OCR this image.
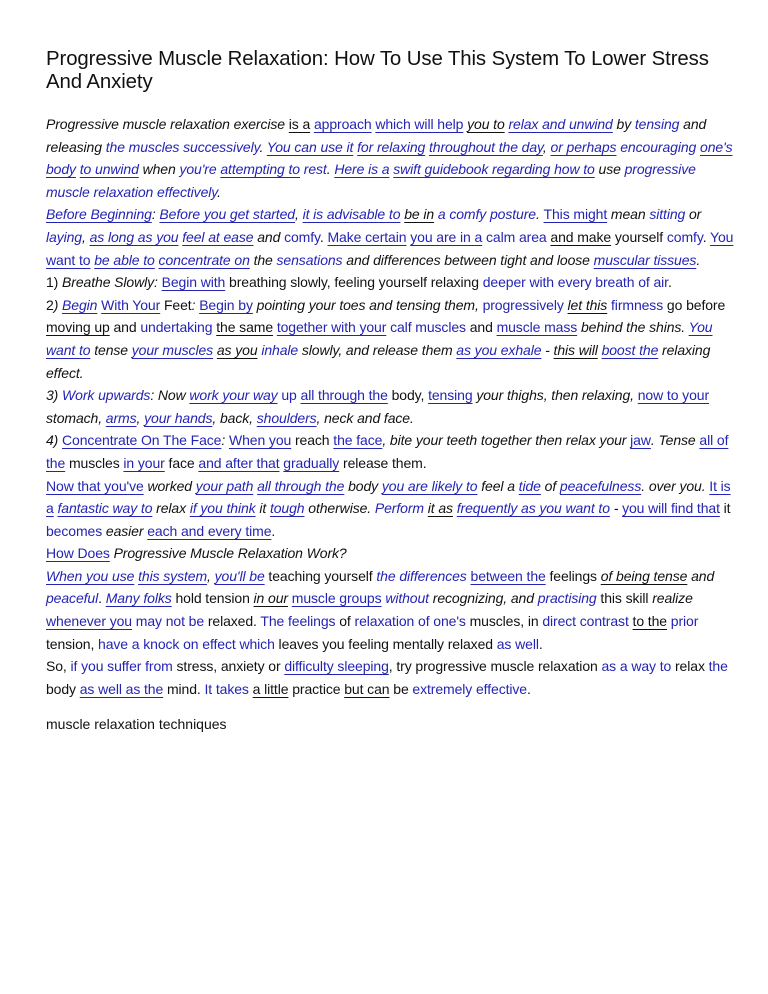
Progressive Muscle Relaxation: How To Use This System To Lower Stress And Anxiety
Progressive muscle relaxation exercise is a approach which will help you to relax and unwind by tensing and releasing the muscles successively. You can use it for relaxing throughout the day, or perhaps encouraging one's body to unwind when you're attempting to rest. Here is a swift guidebook regarding how to use progressive muscle relaxation effectively.
Before Beginning: Before you get started, it is advisable to be in a comfy posture. This might mean sitting or laying, as long as you feel at ease and comfy. Make certain you are in a calm area and make yourself comfy. You want to be able to concentrate on the sensations and differences between tight and loose muscular tissues.
1) Breathe Slowly: Begin with breathing slowly, feeling yourself relaxing deeper with every breath of air.
2) Begin With Your Feet: Begin by pointing your toes and tensing them, progressively let this firmness go before moving up and undertaking the same together with your calf muscles and muscle mass behind the shins. You want to tense your muscles as you inhale slowly, and release them as you exhale - this will boost the relaxing effect.
3) Work upwards: Now work your way up all through the body, tensing your thighs, then relaxing, now to your stomach, arms, your hands, back, shoulders, neck and face.
4) Concentrate On The Face: When you reach the face, bite your teeth together then relax your jaw. Tense all of the muscles in your face and after that gradually release them.
Now that you've worked your path all through the body you are likely to feel a tide of peacefulness. over you. It is a fantastic way to relax if you think it tough otherwise. Perform it as frequently as you want to - you will find that it becomes easier each and every time.
How Does Progressive Muscle Relaxation Work?
When you use this system, you'll be teaching yourself the differences between the feelings of being tense and peaceful. Many folks hold tension in our muscle groups without recognizing, and practising this skill realize whenever you may not be relaxed. The feelings of relaxation of one's muscles, in direct contrast to the prior tension, have a knock on effect which leaves you feeling mentally relaxed as well.
So, if you suffer from stress, anxiety or difficulty sleeping, try progressive muscle relaxation as a way to relax the body as well as the mind. It takes a little practice but can be extremely effective.
muscle relaxation techniques
